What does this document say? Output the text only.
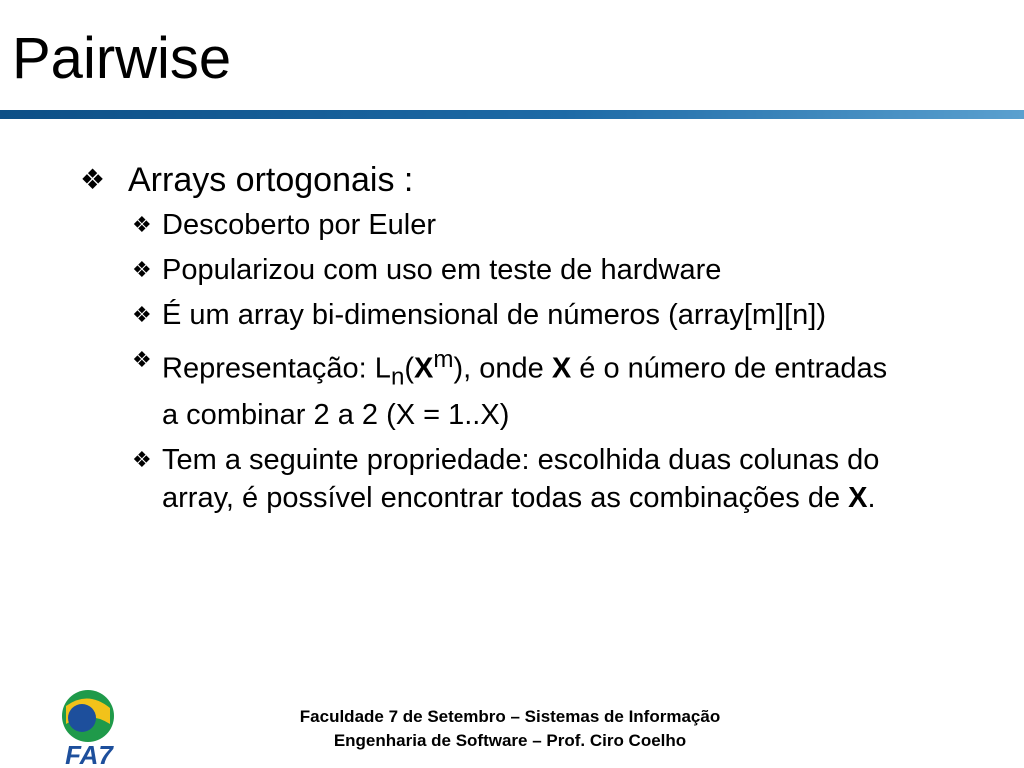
Pairwise
❖ Arrays ortogonais :
❖ Descoberto por Euler
❖ Popularizou com uso em teste de hardware
❖ É um array bi-dimensional de números (array[m][n])
❖ Representação: $L_n(X^m)$, onde X é o número de entradas a combinar 2 a 2 (X = 1..X)
❖ Tem a seguinte propriedade: escolhida duas colunas do array, é possível encontrar todas as combinações de X.
FA7
Faculdade 7 de Setembro – Sistemas de Informação
Engenharia de Software – Prof. Ciro Coelho
